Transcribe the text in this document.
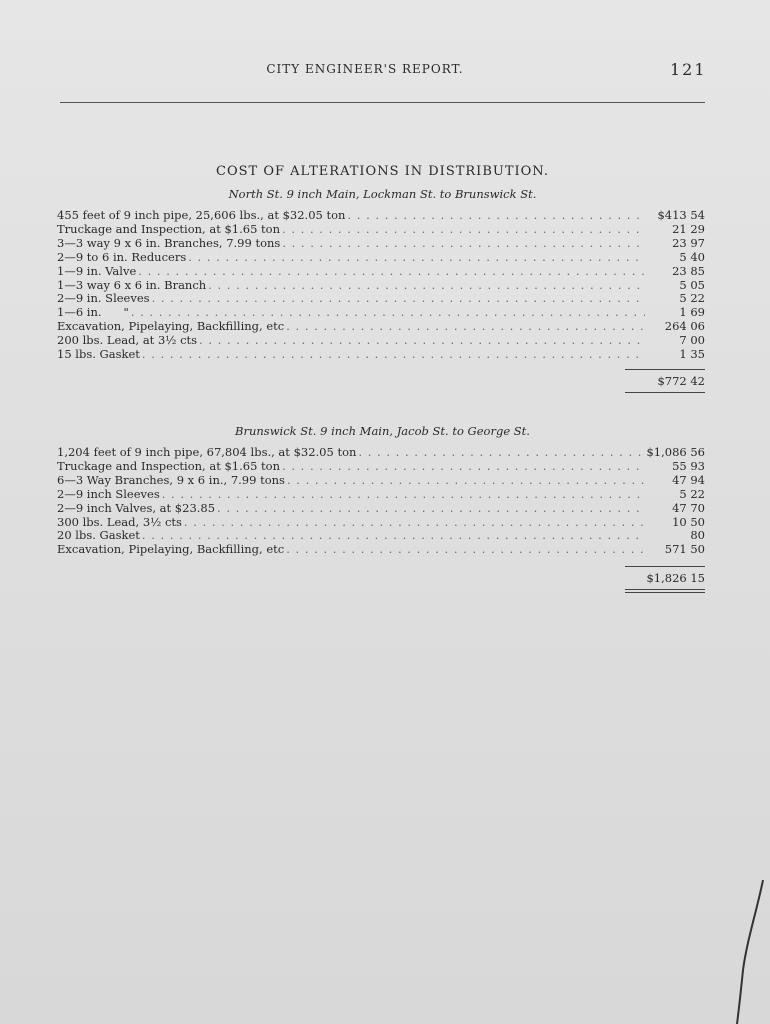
CITY ENGINEER'S REPORT.	121
COST OF ALTERATIONS IN DISTRIBUTION.
North St. 9 inch Main, Lockman St. to Brunswick St.
455 feet of 9 inch pipe, 25,606 lbs., at $32.05 ton . . .	$413 54
Truckage and Inspection, at $1.65 ton . . .	21 29
3—3 way 9 x 6 in. Branches, 7.99 tons . . .	23 97
2—9 to 6 in. Reducers . . .	5 40
1—9 in. Valve . . .	23 85
1—3 way 6 x 6 in. Branch . . .	5 05
2—9 in. Sleeves . . .	5 22
1—6 in.      " . . .	1 69
Excavation, Pipelaying, Backfilling, etc . . .	264 06
200 lbs. Lead, at 3½ cts . . .	7 00
15 lbs. Gasket . . .	1 35
$772 42
Brunswick St. 9 inch Main, Jacob St. to George St.
1,204 feet of 9 inch pipe, 67,804 lbs., at $32.05 ton . . .	$1,086 56
Truckage and Inspection, at $1.65 ton . . .	55 93
6—3 Way Branches, 9 x 6 in., 7.99 tons . . .	47 94
2—9 inch Sleeves . . .	5 22
2—9 inch Valves, at $23.85 . . .	47 70
300 lbs. Lead, 3½ cts . . .	10 50
20 lbs. Gasket . . .	80
Excavation, Pipelaying, Backfilling, etc . . .	571 50
$1,826 15
